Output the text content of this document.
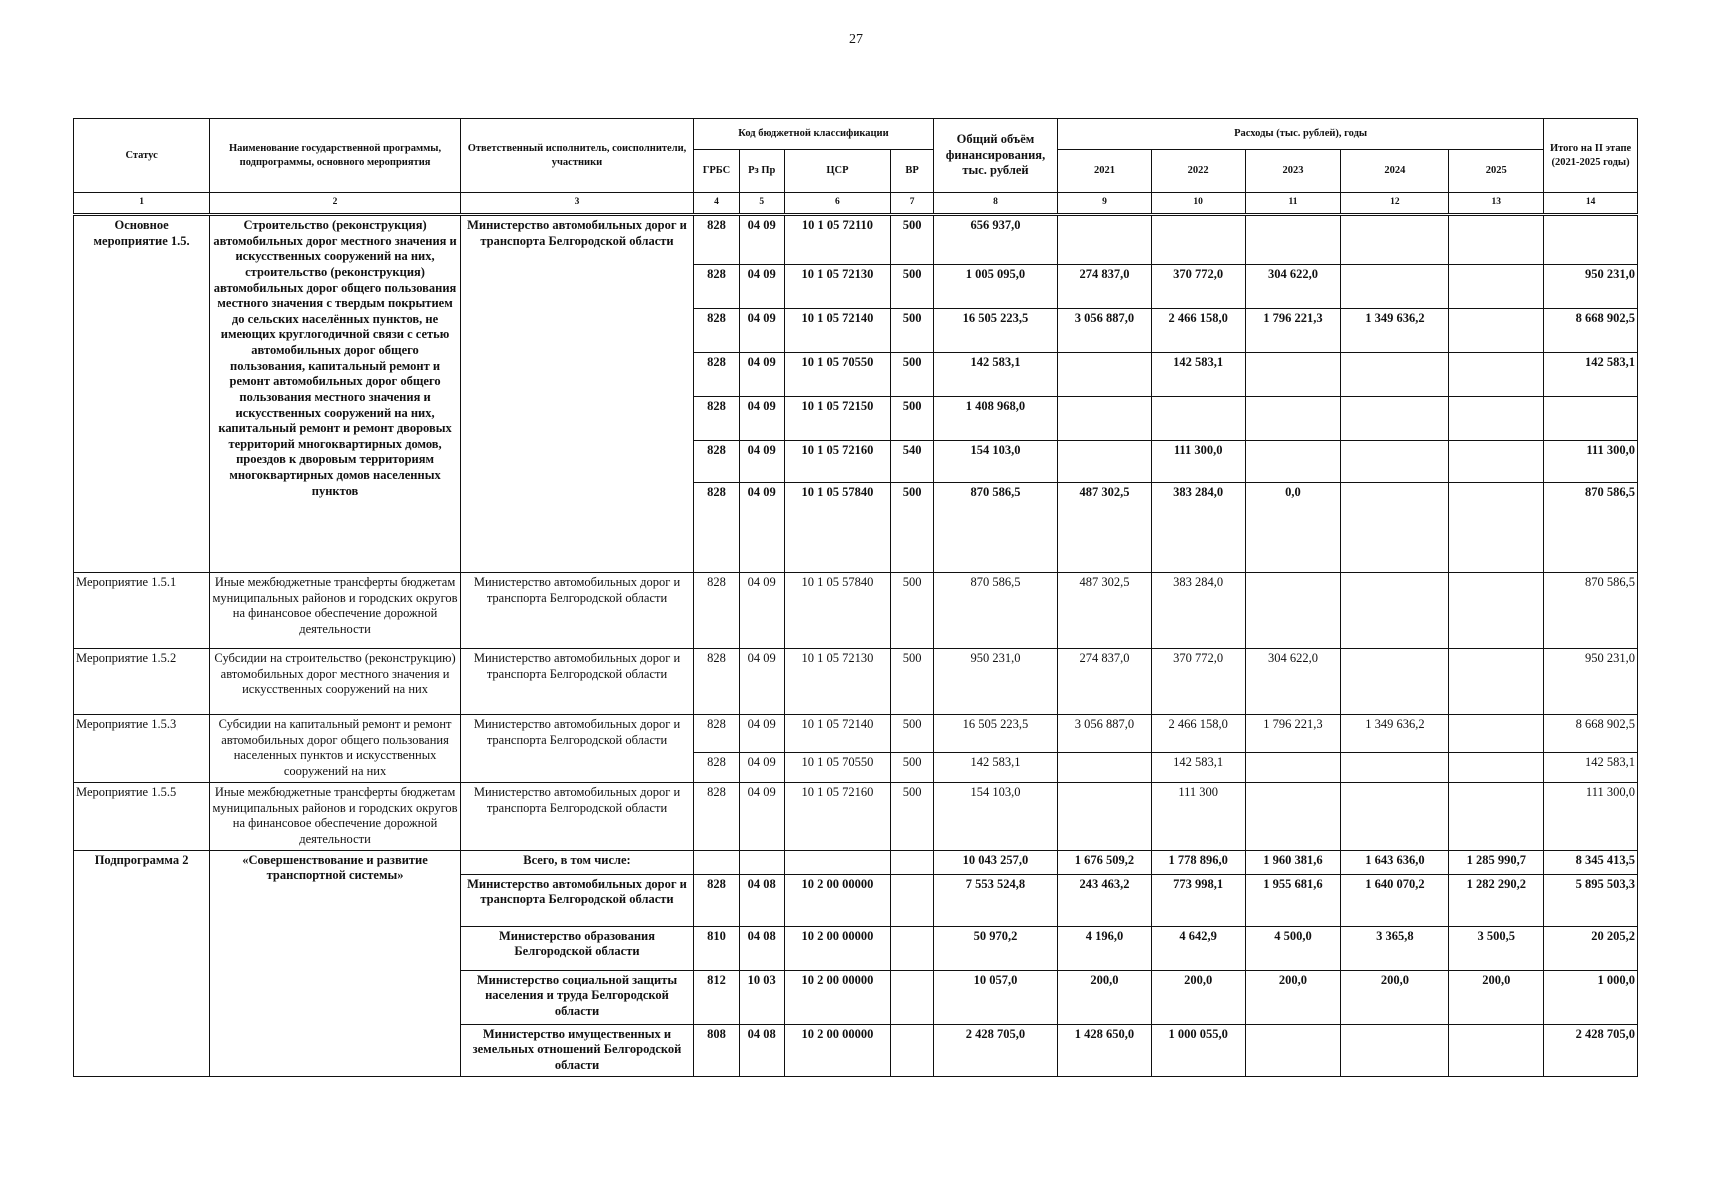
27
Статус	Наименование государственной программы, подпрограммы, основного мероприятия	Ответственный исполнитель, соисполнители, участники	Код бюджетной классификации				Общий объём финансирования, тыс. рублей	Расходы (тыс. рублей), годы					Итого на II этапе (2021-2025 годы)
			ГРБС	Рз Пр	ЦСР	ВР		2021	2022	2023	2024	2025	
1	2	3	4	5	6	7	8	9	10	11	12	13	14
Основное мероприятие 1.5.	Строительство (реконструкция) автомобильных дорог местного значения и искусственных сооружений на них, строительство (реконструкция) автомобильных дорог общего пользования местного значения с твердым покрытием до сельских населённых пунктов, не имеющих круглогодичной связи с сетью автомобильных дорог общего пользования, капитальный ремонт и ремонт автомобильных дорог общего пользования местного значения и искусственных сооружений на них, капитальный ремонт и ремонт дворовых территорий многоквартирных домов, проездов к дворовым территориям многоквартирных домов населенных пунктов	Министерство автомобильных дорог и транспорта Белгородской области	828	04 09	10 1 05 72110	500	656 937,0						
			828	04 09	10 1 05 72130	500	1 005 095,0	274 837,0	370 772,0	304 622,0			950 231,0
			828	04 09	10 1 05 72140	500	16 505 223,5	3 056 887,0	2 466 158,0	1 796 221,3	1 349 636,2		8 668 902,5
			828	04 09	10 1 05 70550	500	142 583,1		142 583,1				142 583,1
			828	04 09	10 1 05 72150	500	1 408 968,0						
			828	04 09	10 1 05 72160	540	154 103,0		111 300,0				111 300,0
			828	04 09	10 1 05 57840	500	870 586,5	487 302,5	383 284,0	0,0			870 586,5
Мероприятие 1.5.1	Иные межбюджетные трансферты бюджетам муниципальных районов и городских округов на финансовое обеспечение дорожной деятельности	Министерство автомобильных дорог и транспорта Белгородской области	828	04 09	10 1 05 57840	500	870 586,5	487 302,5	383 284,0				870 586,5
Мероприятие 1.5.2	Субсидии на строительство (реконструкцию) автомобильных дорог местного значения и искусственных сооружений на них	Министерство автомобильных дорог и транспорта Белгородской области	828	04 09	10 1 05 72130	500	950 231,0	274 837,0	370 772,0	304 622,0			950 231,0
Мероприятие 1.5.3	Субсидии на капитальный ремонт и ремонт автомобильных дорог общего пользования населенных пунктов и искусственных сооружений на них	Министерство автомобильных дорог и транспорта Белгородской области	828	04 09	10 1 05 72140	500	16 505 223,5	3 056 887,0	2 466 158,0	1 796 221,3	1 349 636,2		8 668 902,5
			828	04 09	10 1 05 70550	500	142 583,1		142 583,1				142 583,1
Мероприятие 1.5.5	Иные межбюджетные трансферты бюджетам муниципальных районов и городских округов на финансовое обеспечение дорожной деятельности	Министерство автомобильных дорог и транспорта Белгородской области	828	04 09	10 1 05 72160	500	154 103,0		111 300				111 300,0
Подпрограмма 2	«Совершенствование и развитие транспортной системы»	Всего, в том числе:					10 043 257,0	1 676 509,2	1 778 896,0	1 960 381,6	1 643 636,0	1 285 990,7	8 345 413,5
		Министерство автомобильных дорог и транспорта Белгородской области	828	04 08	10 2 00 00000		7 553 524,8	243 463,2	773 998,1	1 955 681,6	1 640 070,2	1 282 290,2	5 895 503,3
		Министерство образования Белгородской области	810	04 08	10 2 00 00000		50 970,2	4 196,0	4 642,9	4 500,0	3 365,8	3 500,5	20 205,2
		Министерство социальной защиты населения и труда Белгородской области	812	10 03	10 2 00 00000		10 057,0	200,0	200,0	200,0	200,0	200,0	1 000,0
		Министерство имущественных и земельных отношений Белгородской области	808	04 08	10 2 00 00000		2 428 705,0	1 428 650,0	1 000 055,0				2 428 705,0
